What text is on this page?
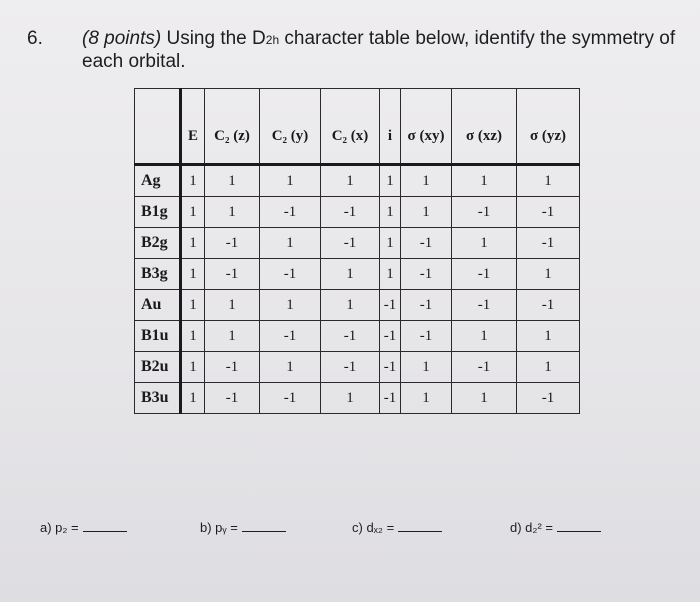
6. (8 points) Using the D2h character table below, identify the symmetry of each orbital.
	E	C₂ (z)	C₂ (y)	C₂ (x)	i	σ (xy)	σ (xz)	σ (yz)
Ag	1	1	1	1	1	1	1	1
B1g	1	1	-1	-1	1	1	-1	-1
B2g	1	-1	1	-1	1	-1	1	-1
B3g	1	-1	-1	1	1	-1	-1	1
Au	1	1	1	1	-1	-1	-1	-1
B1u	1	1	-1	-1	-1	-1	1	1
B2u	1	-1	1	-1	-1	1	-1	1
B3u	1	-1	-1	1	-1	1	1	-1
a) p₂ =	b) pᵧ =	c) dₓ₂ =	d) d₂² =
